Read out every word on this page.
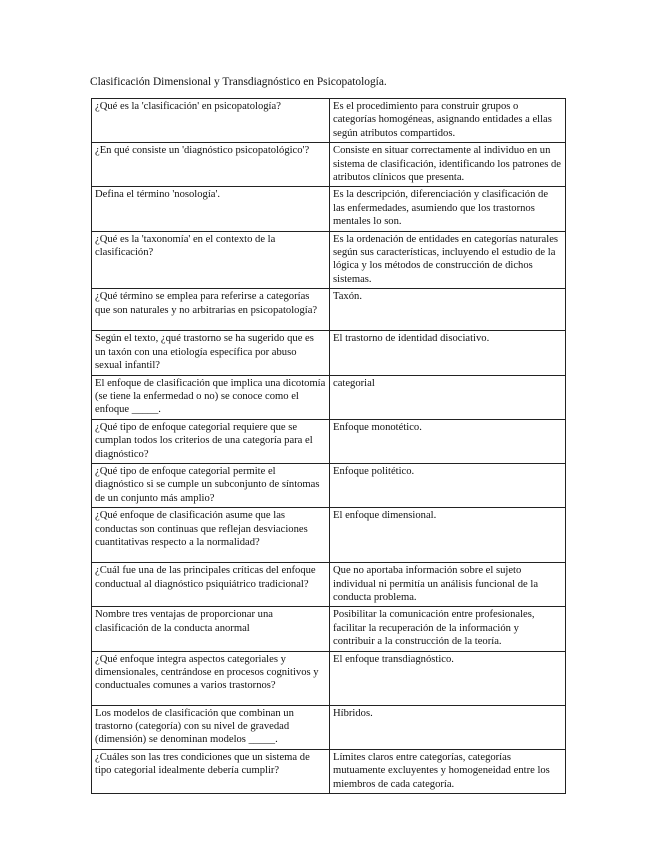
Clasificación Dimensional y Transdiagnóstico en Psicopatología.
¿Qué es la 'clasificación' en psicopatología?	Es el procedimiento para construir grupos o categorías homogéneas, asignando entidades a ellas según atributos compartidos.
¿En qué consiste un 'diagnóstico psicopatológico'?	Consiste en situar correctamente al individuo en un sistema de clasificación, identificando los patrones de atributos clínicos que presenta.
Defina el término 'nosología'.	Es la descripción, diferenciación y clasificación de las enfermedades, asumiendo que los trastornos mentales lo son.
¿Qué es la 'taxonomía' en el contexto de la clasificación?	Es la ordenación de entidades en categorías naturales según sus características, incluyendo el estudio de la lógica y los métodos de construcción de dichos sistemas.
¿Qué término se emplea para referirse a categorías que son naturales y no arbitrarias en psicopatología?	Taxón.
Según el texto, ¿qué trastorno se ha sugerido que es un taxón con una etiología específica por abuso sexual infantil?	El trastorno de identidad disociativo.
El enfoque de clasificación que implica una dicotomía (se tiene la enfermedad o no) se conoce como el enfoque _____.	categorial
¿Qué tipo de enfoque categorial requiere que se cumplan todos los criterios de una categoría para el diagnóstico?	Enfoque monotético.
¿Qué tipo de enfoque categorial permite el diagnóstico si se cumple un subconjunto de síntomas de un conjunto más amplio?	Enfoque politético.
¿Qué enfoque de clasificación asume que las conductas son continuas que reflejan desviaciones cuantitativas respecto a la normalidad?	El enfoque dimensional.
¿Cuál fue una de las principales críticas del enfoque conductual al diagnóstico psiquiátrico tradicional?	Que no aportaba información sobre el sujeto individual ni permitía un análisis funcional de la conducta problema.
Nombre tres ventajas de proporcionar una clasificación de la conducta anormal	Posibilitar la comunicación entre profesionales, facilitar la recuperación de la información y contribuir a la construcción de la teoría.
¿Qué enfoque integra aspectos categoriales y dimensionales, centrándose en procesos cognitivos y conductuales comunes a varios trastornos?	El enfoque transdiagnóstico.
Los modelos de clasificación que combinan un trastorno (categoría) con su nivel de gravedad (dimensión) se denominan modelos _____.	Híbridos.
¿Cuáles son las tres condiciones que un sistema de tipo categorial idealmente debería cumplir?	Límites claros entre categorías, categorías mutuamente excluyentes y homogeneidad entre los miembros de cada categoría.
